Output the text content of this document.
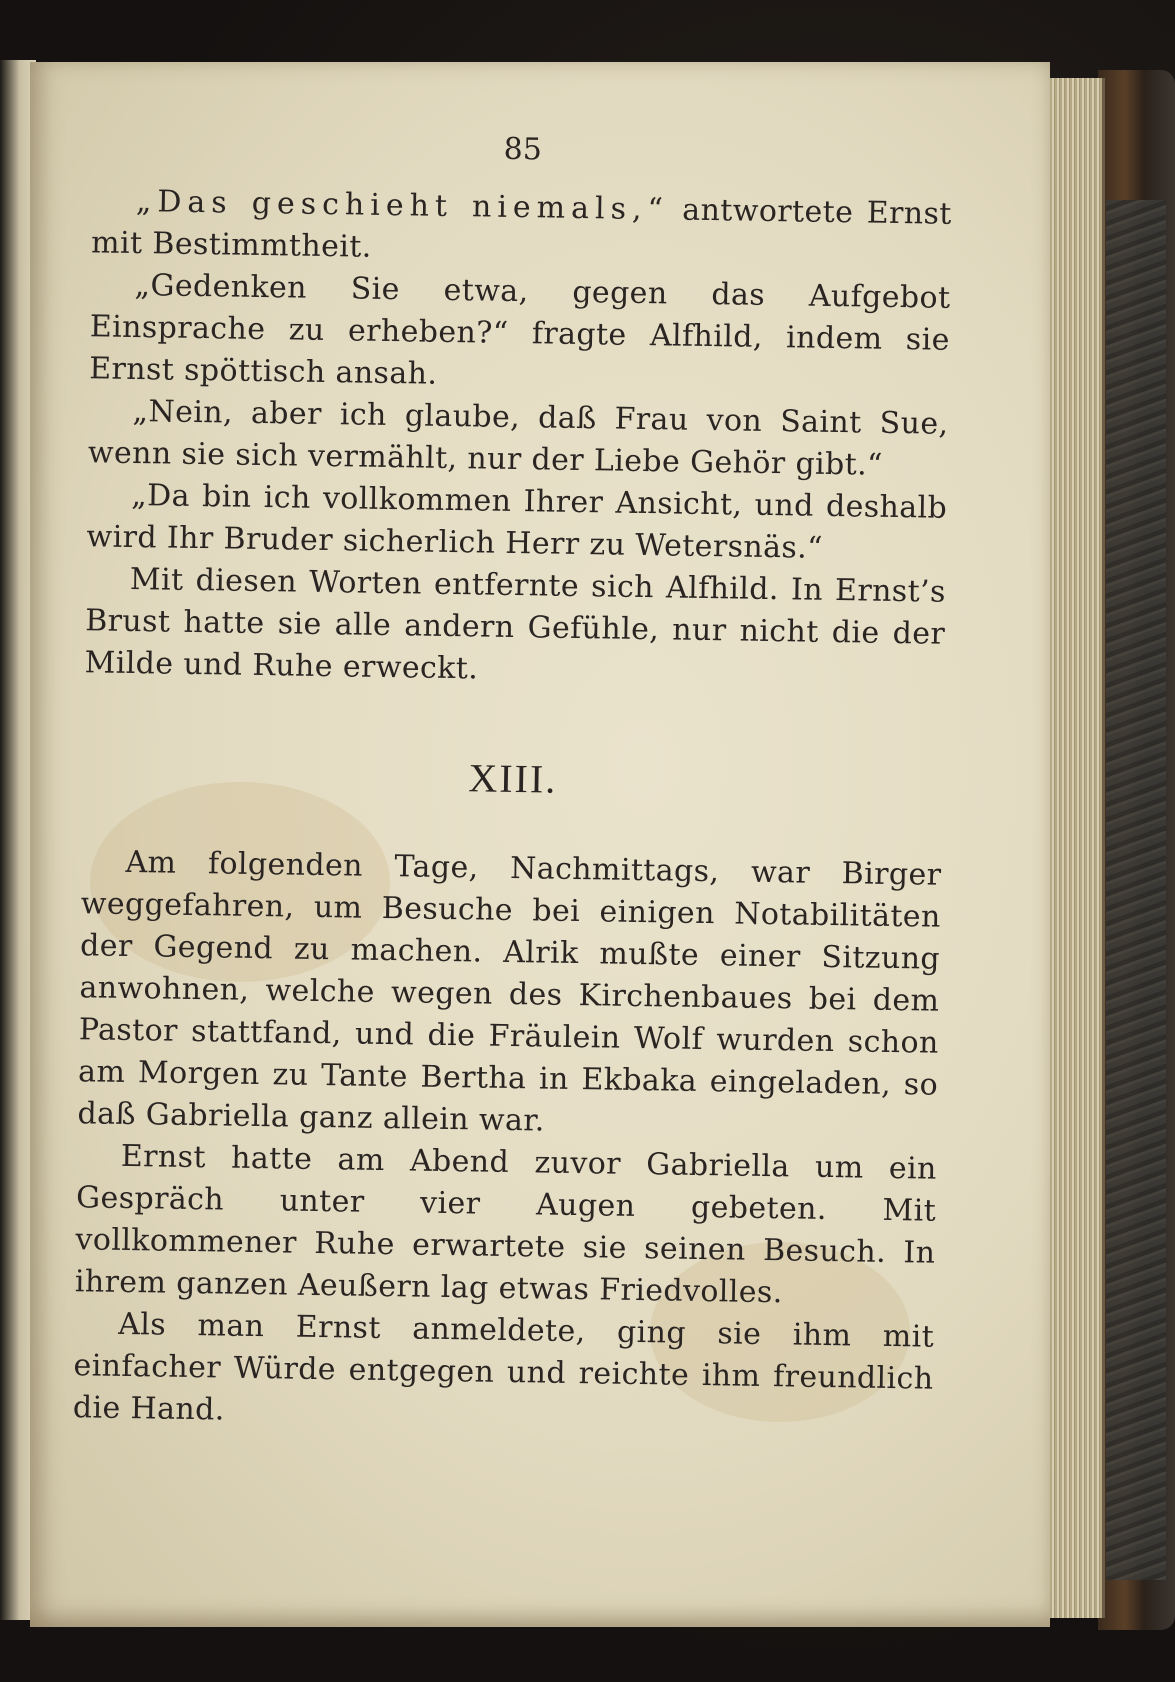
85

„Das geschieht niemals,“ antwortete Ernst mit Bestimmtheit.

„Gedenken Sie etwa, gegen das Aufgebot Einsprache zu erheben?“ fragte Alfhild, indem sie Ernst spöttisch ansah.

„Nein, aber ich glaube, daß Frau von Saint Sue, wenn sie sich vermählt, nur der Liebe Gehör gibt.“

„Da bin ich vollkommen Ihrer Ansicht, und deshalb wird Ihr Bruder sicherlich Herr zu Wetersnäs.“

Mit diesen Worten entfernte sich Alfhild. In Ernst’s Brust hatte sie alle andern Gefühle, nur nicht die der Milde und Ruhe erweckt.

XIII.

Am folgenden Tage, Nachmittags, war Birger weggefahren, um Besuche bei einigen Notabilitäten der Gegend zu machen. Alrik mußte einer Sitzung anwohnen, welche wegen des Kirchenbaues bei dem Pastor stattfand, und die Fräulein Wolf wurden schon am Morgen zu Tante Bertha in Ekbaka eingeladen, so daß Gabriella ganz allein war.

Ernst hatte am Abend zuvor Gabriella um ein Gespräch unter vier Augen gebeten. Mit vollkommener Ruhe erwartete sie seinen Besuch. In ihrem ganzen Aeußern lag etwas Friedvolles.

Als man Ernst anmeldete, ging sie ihm mit einfacher Würde entgegen und reichte ihm freundlich die Hand.
